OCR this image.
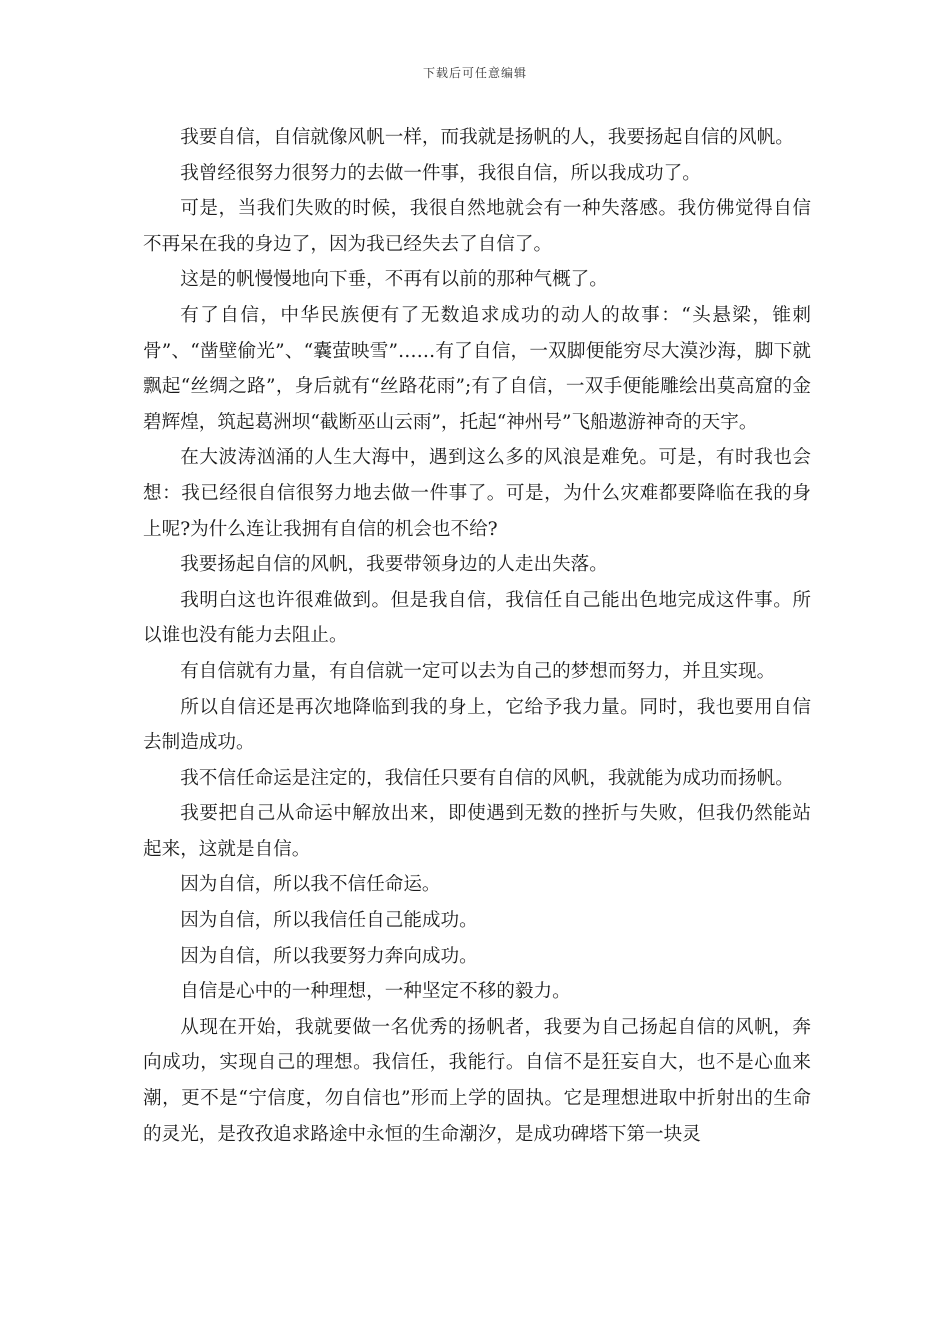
下载后可任意编辑

我要自信，自信就像风帆一样，而我就是扬帆的人，我要扬起自信的风帆。

我曾经很努力很努力的去做一件事，我很自信，所以我成功了。

可是，当我们失败的时候，我很自然地就会有一种失落感。我仿佛觉得自信不再呆在我的身边了，因为我已经失去了自信了。

这是的帆慢慢地向下垂，不再有以前的那种气概了。

有了自信，中华民族便有了无数追求成功的动人的故事：“头悬梁，锥刺骨”、“凿壁偷光”、“囊萤映雪”……有了自信，一双脚便能穷尽大漠沙海，脚下就飘起“丝绸之路”，身后就有“丝路花雨”;有了自信，一双手便能雕绘出莫高窟的金碧辉煌，筑起葛洲坝“截断巫山云雨”，托起“神州号”飞船遨游神奇的天宇。

在大波涛汹涌的人生大海中，遇到这么多的风浪是难免。可是，有时我也会想：我已经很自信很努力地去做一件事了。可是，为什么灾难都要降临在我的身上呢?为什么连让我拥有自信的机会也不给?

我要扬起自信的风帆，我要带领身边的人走出失落。

我明白这也许很难做到。但是我自信，我信任自己能出色地完成这件事。所以谁也没有能力去阻止。

有自信就有力量，有自信就一定可以去为自己的梦想而努力，并且实现。

所以自信还是再次地降临到我的身上，它给予我力量。同时，我也要用自信去制造成功。

我不信任命运是注定的，我信任只要有自信的风帆，我就能为成功而扬帆。

我要把自己从命运中解放出来，即使遇到无数的挫折与失败，但我仍然能站起来，这就是自信。

因为自信，所以我不信任命运。

因为自信，所以我信任自己能成功。

因为自信，所以我要努力奔向成功。

自信是心中的一种理想，一种坚定不移的毅力。

从现在开始，我就要做一名优秀的扬帆者，我要为自己扬起自信的风帆，奔向成功，实现自己的理想。我信任，我能行。自信不是狂妄自大，也不是心血来潮，更不是“宁信度，勿自信也”形而上学的固执。它是理想进取中折射出的生命的灵光，是孜孜追求路途中永恒的生命潮汐，是成功碑塔下第一块灵
